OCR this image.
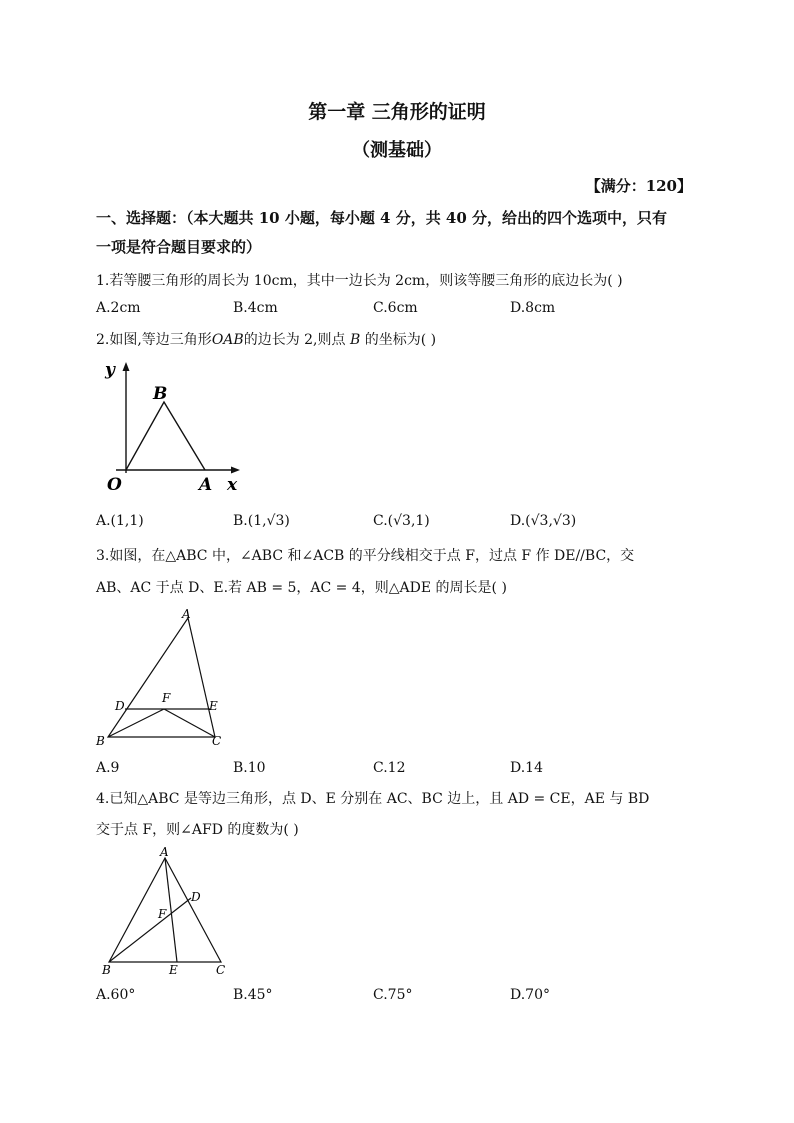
第一章 三角形的证明
（测基础）
【满分：120】
一、选择题：（本大题共 10 小题，每小题 4 分，共 40 分，给出的四个选项中，只有
一项是符合题目要求的）
1.若等腰三角形的周长为 10cm，其中一边长为 2cm，则该等腰三角形的底边长为( )
A.2cm	B.4cm	C.6cm	D.8cm
2.如图,等边三角形OAB的边长为 2,则点 B 的坐标为( )
y
B
O	A x
A.(1,1)	B.(1,√3)	C.(√3,1)	D.(√3,√3)
3.如图，在△ABC 中，∠ABC 和∠ACB 的平分线相交于点 F，过点 F 作 DE//BC，交
AB、AC 于点 D、E.若 AB = 5，AC = 4，则△ADE 的周长是( )
A
F
D	E
B	C
A.9	B.10	C.12	D.14
4.已知△ABC 是等边三角形，点 D、E 分别在 AC、BC 边上，且 AD = CE，AE 与 BD
交于点 F，则∠AFD 的度数为( )
A
D
F
B	E	C
A.60°	B.45°	C.75°	D.70°
